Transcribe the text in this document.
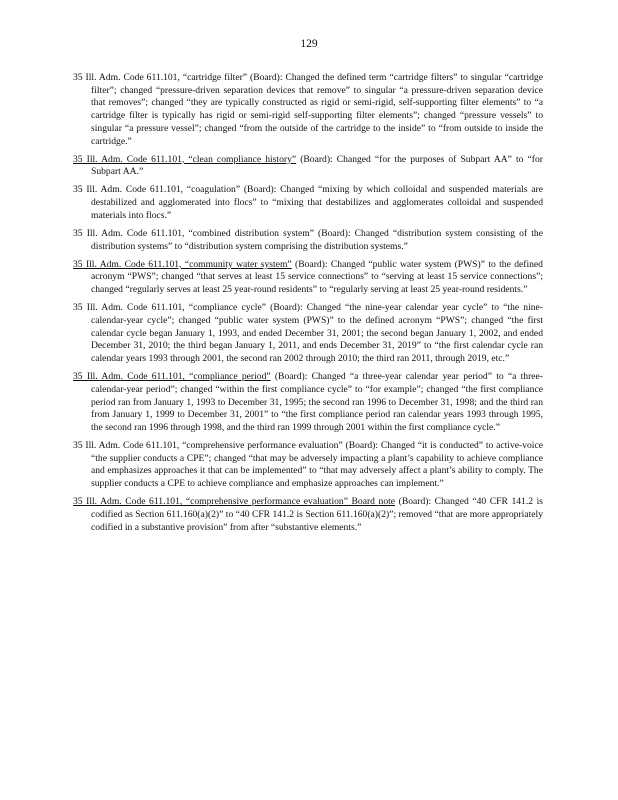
129

35 Ill. Adm. Code 611.101, “cartridge filter” (Board): Changed the defined term “cartridge filters” to singular “cartridge filter”; changed “pressure-driven separation devices that remove” to singular “a pressure-driven separation device that removes”; changed “they are typically constructed as rigid or semi-rigid, self-supporting filter elements” to “a cartridge filter is typically has rigid or semi-rigid self-supporting filter elements”; changed “pressure vessels” to singular “a pressure vessel”; changed “from the outside of the cartridge to the inside” to “from outside to inside the cartridge.”

35 Ill. Adm. Code 611.101, “clean compliance history” (Board): Changed “for the purposes of Subpart AA” to “for Subpart AA.”

35 Ill. Adm. Code 611.101, “coagulation” (Board): Changed “mixing by which colloidal and suspended materials are destabilized and agglomerated into flocs” to “mixing that destabilizes and agglomerates colloidal and suspended materials into flocs.”

35 Ill. Adm. Code 611.101, “combined distribution system” (Board): Changed “distribution system consisting of the distribution systems” to “distribution system comprising the distribution systems.”

35 Ill. Adm. Code 611.101, “community water system” (Board): Changed “public water system (PWS)” to the defined acronym “PWS”; changed “that serves at least 15 service connections” to “serving at least 15 service connections”; changed “regularly serves at least 25 year-round residents” to “regularly serving at least 25 year-round residents.”

35 Ill. Adm. Code 611.101, “compliance cycle” (Board): Changed “the nine-year calendar year cycle” to “the nine-calendar-year cycle”; changed “public water system (PWS)” to the defined acronym “PWS”; changed “the first calendar cycle began January 1, 1993, and ended December 31, 2001; the second began January 1, 2002, and ended December 31, 2010; the third began January 1, 2011, and ends December 31, 2019” to “the first calendar cycle ran calendar years 1993 through 2001, the second ran 2002 through 2010; the third ran 2011, through 2019, etc.”

35 Ill. Adm. Code 611.101, “compliance period” (Board): Changed “a three-year calendar year period” to “a three-calendar-year period”; changed “within the first compliance cycle” to “for example”; changed “the first compliance period ran from January 1, 1993 to December 31, 1995; the second ran 1996 to December 31, 1998; and the third ran from January 1, 1999 to December 31, 2001” to “the first compliance period ran calendar years 1993 through 1995, the second ran 1996 through 1998, and the third ran 1999 through 2001 within the first compliance cycle.”

35 Ill. Adm. Code 611.101, “comprehensive performance evaluation” (Board): Changed “it is conducted” to active-voice “the supplier conducts a CPE”; changed “that may be adversely impacting a plant’s capability to achieve compliance and emphasizes approaches it that can be implemented” to “that may adversely affect a plant’s ability to comply. The supplier conducts a CPE to achieve compliance and emphasize approaches can implement.”

35 Ill. Adm. Code 611.101, “comprehensive performance evaluation” Board note (Board): Changed “40 CFR 141.2 is codified as Section 611.160(a)(2)” to “40 CFR 141.2 is Section 611.160(a)(2)”; removed “that are more appropriately codified in a substantive provision” from after “substantive elements.”
